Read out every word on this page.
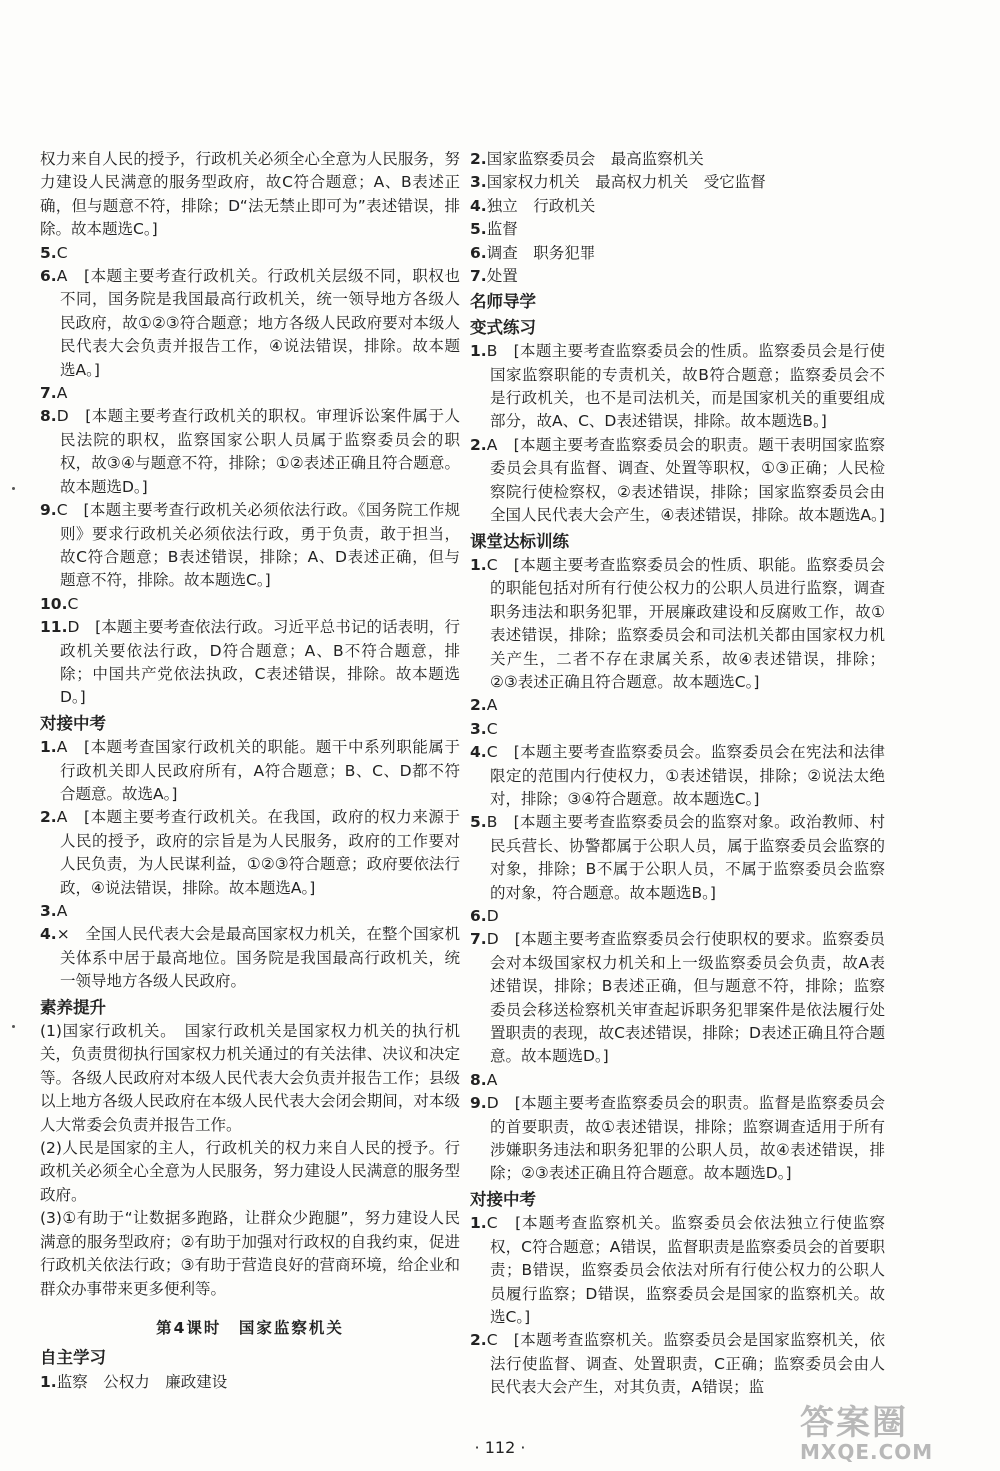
权力来自人民的授予，行政机关必须全心全意为人民服务，努力建设人民满意的服务型政府，故C符合题意；A、B表述正确，但与题意不符，排除；D“法无禁止即可为”表述错误，排除。故本题选C。]
5.C
6.A　[本题主要考查行政机关。行政机关层级不同，职权也不同，国务院是我国最高行政机关，统一领导地方各级人民政府，故①②③符合题意；地方各级人民政府要对本级人民代表大会负责并报告工作，④说法错误，排除。故本题选A。]
7.A
8.D　[本题主要考查行政机关的职权。审理诉讼案件属于人民法院的职权，监察国家公职人员属于监察委员会的职权，故③④与题意不符，排除；①②表述正确且符合题意。故本题选D。]
9.C　[本题主要考查行政机关必须依法行政。《国务院工作规则》要求行政机关必须依法行政，勇于负责，敢于担当，故C符合题意；B表述错误，排除；A、D表述正确，但与题意不符，排除。故本题选C。]
10.C
11.D　[本题主要考查依法行政。习近平总书记的话表明，行政机关要依法行政，D符合题意；A、B不符合题意，排除；中国共产党依法执政，C表述错误，排除。故本题选D。]
对接中考
1.A　[本题考查国家行政机关的职能。题干中系列职能属于行政机关即人民政府所有，A符合题意；B、C、D都不符合题意。故选A。]
2.A　[本题主要考查行政机关。在我国，政府的权力来源于人民的授予，政府的宗旨是为人民服务，政府的工作要对人民负责，为人民谋利益，①②③符合题意；政府要依法行政，④说法错误，排除。故本题选A。]
3.A
4.×　全国人民代表大会是最高国家权力机关，在整个国家机关体系中居于最高地位。国务院是我国最高行政机关，统一领导地方各级人民政府。
素养提升
(1)国家行政机关。　国家行政机关是国家权力机关的执行机关，负责贯彻执行国家权力机关通过的有关法律、决议和决定等。各级人民政府对本级人民代表大会负责并报告工作；县级以上地方各级人民政府在本级人民代表大会闭会期间，对本级人大常委会负责并报告工作。
(2)人民是国家的主人，行政机关的权力来自人民的授予。行政机关必须全心全意为人民服务，努力建设人民满意的服务型政府。
(3)①有助于“让数据多跑路，让群众少跑腿”，努力建设人民满意的服务型政府；②有助于加强对行政权的自我约束，促进行政机关依法行政；③有助于营造良好的营商环境，给企业和群众办事带来更多便利等。
第4课时　国家监察机关
自主学习
1.监察　公权力　廉政建设
2.国家监察委员会　最高监察机关
3.国家权力机关　最高权力机关　受它监督
4.独立　行政机关
5.监督
6.调查　职务犯罪
7.处置
名师导学
变式练习
1.B　[本题主要考查监察委员会的性质。监察委员会是行使国家监察职能的专责机关，故B符合题意；监察委员会不是行政机关，也不是司法机关，而是国家机关的重要组成部分，故A、C、D表述错误，排除。故本题选B。]
2.A　[本题主要考查监察委员会的职责。题干表明国家监察委员会具有监督、调查、处置等职权，①③正确；人民检察院行使检察权，②表述错误，排除；国家监察委员会由全国人民代表大会产生，④表述错误，排除。故本题选A。]
课堂达标训练
1.C　[本题主要考查监察委员会的性质、职能。监察委员会的职能包括对所有行使公权力的公职人员进行监察，调查职务违法和职务犯罪，开展廉政建设和反腐败工作，故①表述错误，排除；监察委员会和司法机关都由国家权力机关产生，二者不存在隶属关系，故④表述错误，排除；②③表述正确且符合题意。故本题选C。]
2.A
3.C
4.C　[本题主要考查监察委员会。监察委员会在宪法和法律限定的范围内行使权力，①表述错误，排除；②说法太绝对，排除；③④符合题意。故本题选C。]
5.B　[本题主要考查监察委员会的监察对象。政治教师、村民兵营长、协警都属于公职人员，属于监察委员会监察的对象，排除；B不属于公职人员，不属于监察委员会监察的对象，符合题意。故本题选B。]
6.D
7.D　[本题主要考查监察委员会行使职权的要求。监察委员会对本级国家权力机关和上一级监察委员会负责，故A表述错误，排除；B表述正确，但与题意不符，排除；监察委员会移送检察机关审查起诉职务犯罪案件是依法履行处置职责的表现，故C表述错误，排除；D表述正确且符合题意。故本题选D。]
8.A
9.D　[本题主要考查监察委员会的职责。监督是监察委员会的首要职责，故①表述错误，排除；监察调查适用于所有涉嫌职务违法和职务犯罪的公职人员，故④表述错误，排除；②③表述正确且符合题意。故本题选D。]
对接中考
1.C　[本题考查监察机关。监察委员会依法独立行使监察权，C符合题意；A错误，监督职责是监察委员会的首要职责；B错误，监察委员会依法对所有行使公权力的公职人员履行监察；D错误，监察委员会是国家的监察机关。故选C。]
2.C　[本题考查监察机关。监察委员会是国家监察机关，依法行使监督、调查、处置职责，C正确；监察委员会由人民代表大会产生，对其负责，A错误；监
· 112 ·
答案圈
MXQE.COM
